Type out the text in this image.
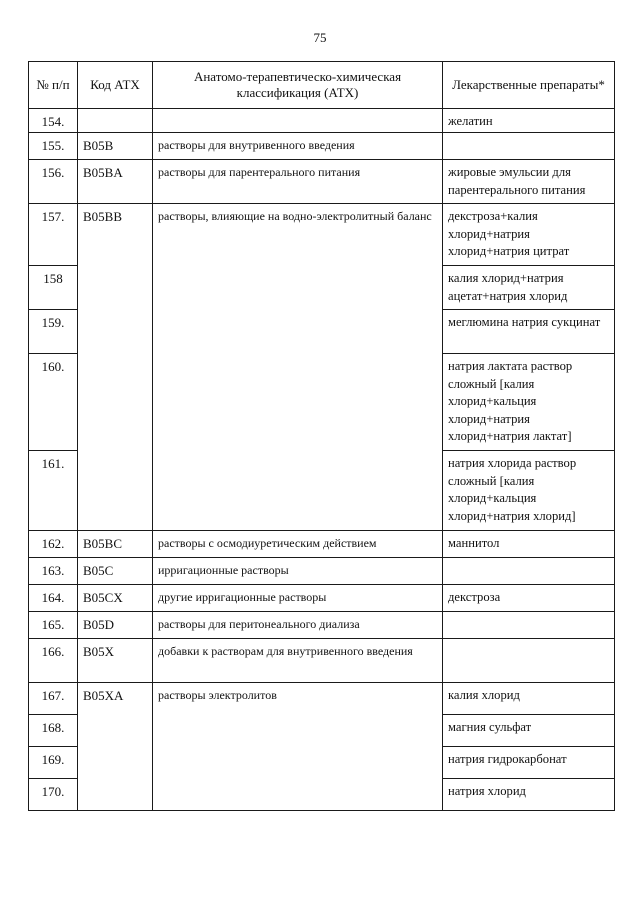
75
№ п/п	Код АТХ	Анатомо-терапевтическо-химическая классификация (АТХ)	Лекарственные препараты*
154.			желатин
155.	B05B	растворы для внутривенного введения	
156.	B05BA	растворы для парентерального питания	жировые эмульсии для парентерального питания
157.	B05BB	растворы, влияющие на водно-электролитный баланс	декстроза+калия хлорид+натрия хлорид+натрия цитрат
158			калия хлорид+натрия ацетат+натрия хлорид
159.			меглюмина натрия сукцинат
160.			натрия лактата раствор сложный [калия хлорид+кальция хлорид+натрия хлорид+натрия лактат]
161.			натрия хлорида раствор сложный [калия хлорид+кальция хлорид+натрия хлорид]
162.	B05BC	растворы с осмодиуретическим действием	маннитол
163.	B05C	ирригационные растворы	
164.	B05CX	другие ирригационные растворы	декстроза
165.	B05D	растворы для перитонеального диализа	
166.	B05X	добавки к растворам для внутривенного введения	
167.	B05XA	растворы электролитов	калия хлорид
168.			магния сульфат
169.			натрия гидрокарбонат
170.			натрия хлорид
